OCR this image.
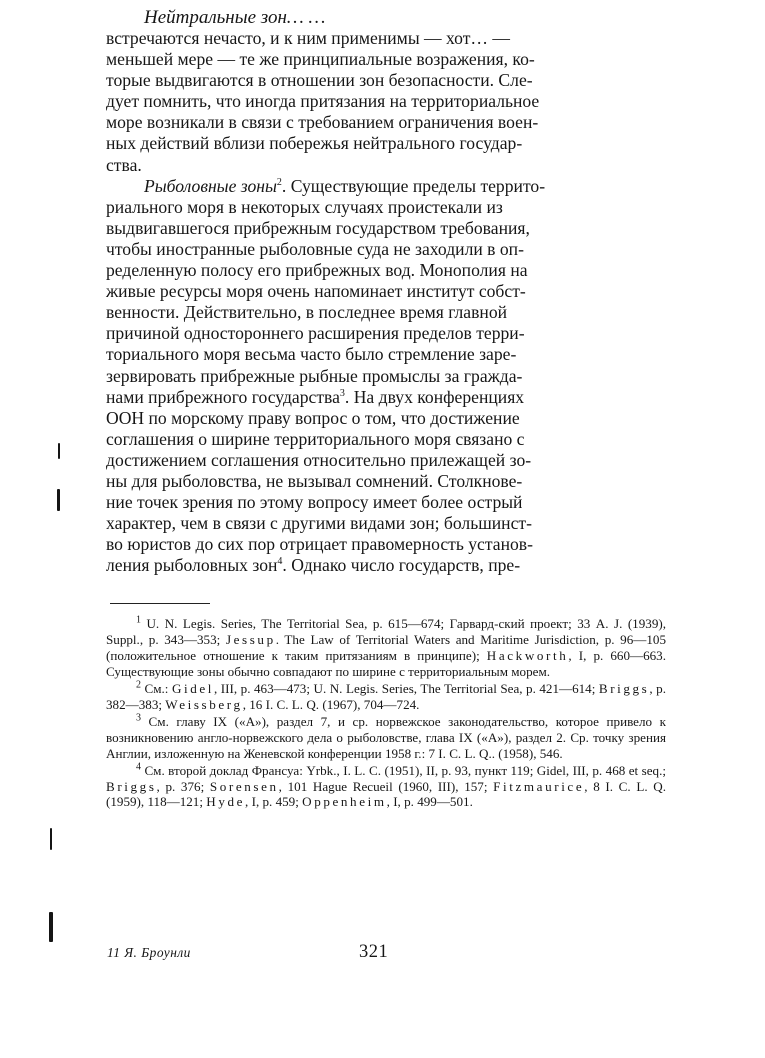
Нейтральные зон… …

встречаются нечасто, и к ним применимы — хот… —
меньшей мере — те же принципиальные возражения, ко-
торые выдвигаются в отношении зон безопасности. Сле-
дует помнить, что иногда притязания на территориальное
море возникали в связи с требованием ограничения воен-
ных действий вблизи побережья нейтрального государ-
ства.
Рыболовные зоны$^2$. Существующие пределы террито-
риального моря в некоторых случаях проистекали из
выдвигавшегося прибрежным государством требования,
чтобы иностранные рыболовные суда не заходили в оп-
ределенную полосу его прибрежных вод. Монополия на
живые ресурсы моря очень напоминает институт собст-
венности. Действительно, в последнее время главной
причиной одностороннего расширения пределов терри-
ториального моря весьма часто было стремление заре-
зервировать прибрежные рыбные промыслы за гражда-
нами прибрежного государства$^3$. На двух конференциях
ООН по морскому праву вопрос о том, что достижение
соглашения о ширине территориального моря связано с
достижением соглашения относительно прилежащей зо-
ны для рыболовства, не вызывал сомнений. Столкнове-
ние точек зрения по этому вопросу имеет более острый
характер, чем в связи с другими видами зон; большинст-
во юристов до сих пор отрицает правомерность установ-
ления рыболовных зон$^4$. Однако число государств, пре-

$^1$ U. N. Legis. Series, The Territorial Sea, p. 615—674; Гарвард-ский проект; 33 A. J. (1939), Suppl., p. 343—353; Jessup. The Law of Territorial Waters and Maritime Jurisdiction, p. 96—105 (положительное отношение к таким притязаниям в принципе); Hackworth, I, p. 660—663. Существующие зоны обычно совпадают по ширине с территориальным морем.

$^2$ См.: Gidel, III, p. 463—473; U. N. Legis. Series, The Territorial Sea, p. 421—614; Briggs, p. 382—383; Weissberg, 16 I. C. L. Q. (1967), 704—724.

$^3$ См. главу IX («А»), раздел 7, и ср. норвежское законодательство, которое привело к возникновению англо-норвежского дела о рыболовстве, глава IX («А»), раздел 2. Ср. точку зрения Англии, изложенную на Женевской конференции 1958 г.: 7 I. C. L. Q.. (1958), 546.

$^4$ См. второй доклад Франсуа: Yrbk., I. L. C. (1951), II, p. 93, пункт 119; Gidel, III, p. 468 et seq.; Briggs, p. 376; Sorensen, 101 Hague Recueil (1960, III), 157; Fitzmaurice, 8 I. C. L. Q. (1959), 118—121; Hyde, I, p. 459; Oppenheim, I, p. 499—501.

11 Я. Броунли	321
